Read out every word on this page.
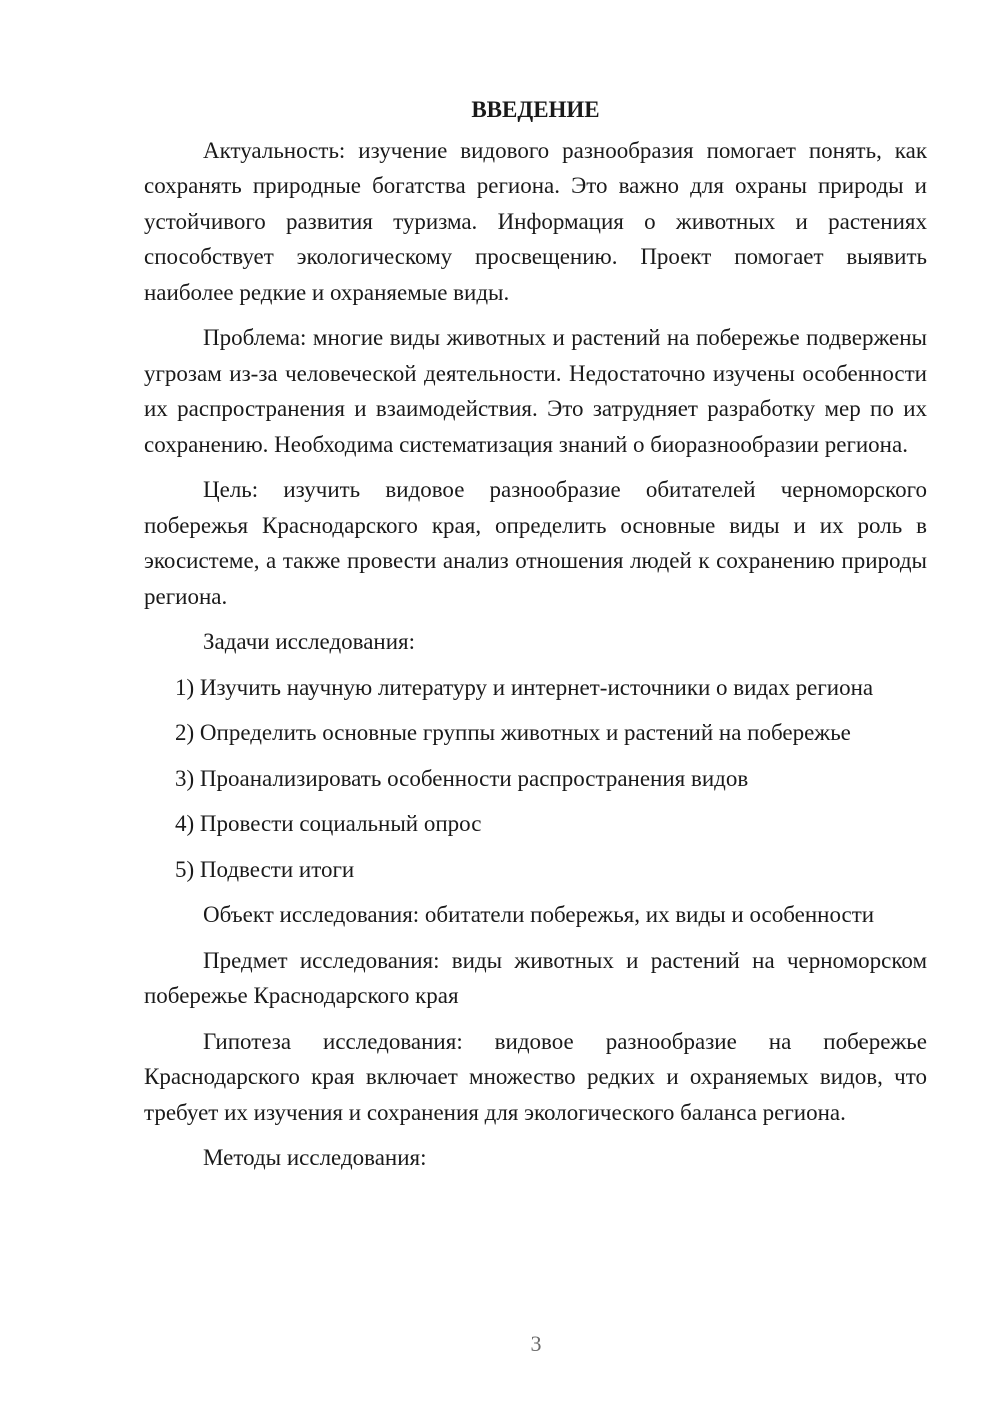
ВВЕДЕНИЕ

Актуальность: изучение видового разнообразия помогает понять, как сохранять природные богатства региона. Это важно для охраны природы и устойчивого развития туризма. Информация о животных и растениях способствует экологическому просвещению. Проект помогает выявить наиболее редкие и охраняемые виды.

Проблема: многие виды животных и растений на побережье подвержены угрозам из-за человеческой деятельности. Недостаточно изучены особенности их распространения и взаимодействия. Это затрудняет разработку мер по их сохранению. Необходима систематизация знаний о биоразнообразии региона.

Цель: изучить видовое разнообразие обитателей черноморского побережья Краснодарского края, определить основные виды и их роль в экосистеме, а также провести анализ отношения людей к сохранению природы региона.

Задачи исследования:

1) Изучить научную литературу и интернет-источники о видах региона

2) Определить основные группы животных и растений на побережье

3) Проанализировать особенности распространения видов

4) Провести социальный опрос

5) Подвести итоги

Объект исследования: обитатели побережья, их виды и особенности

Предмет исследования: виды животных и растений на черноморском побережье Краснодарского края

Гипотеза исследования: видовое разнообразие на побережье Краснодарского края включает множество редких и охраняемых видов, что требует их изучения и сохранения для экологического баланса региона.

Методы исследования:

3
